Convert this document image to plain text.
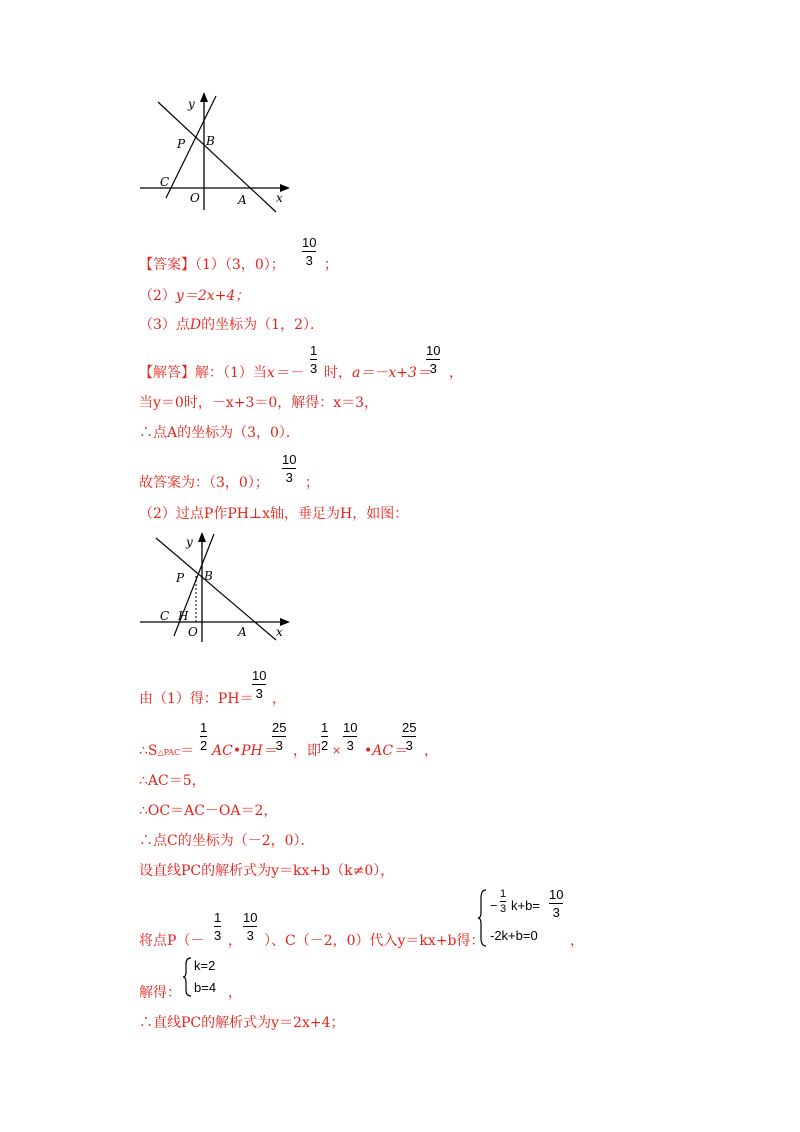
y
x
P B
C
O	A
【答案】（1）（3，0）；
10
3 ；
（2）y＝2x+4；
（3）点D的坐标为（1，2）．
【解答】解：（1）当x＝－
1
3 时，a＝－x+3＝
10
3 ，
当y＝0时，－x+3＝0，解得：x＝3，
∴点A的坐标为（3，0）．
故答案为：（3，0）；
10
3 ；
（2）过点P作PH⊥x轴，垂足为H，如图：
y
x
P B
C H
O	A
由（1）得：PH＝
10
3 ，
∴S△PAC＝
1
2 AC•PH＝
25
3 ，即
1
2 ×
10
3 •AC＝
25
3 ，
∴AC＝5，
∴OC＝AC－OA＝2，
∴点C的坐标为（－2，0）．
设直线PC的解析式为y＝kx+b（k≠0），
将点P（－
1
3 ，
10
3 ）、C（－2，0）代入y＝kx+b得：
−
1
3 k+b=
10
3
-2k+b=0 ，
解得：
k=2
b=4 ，
∴直线PC的解析式为y＝2x+4；
